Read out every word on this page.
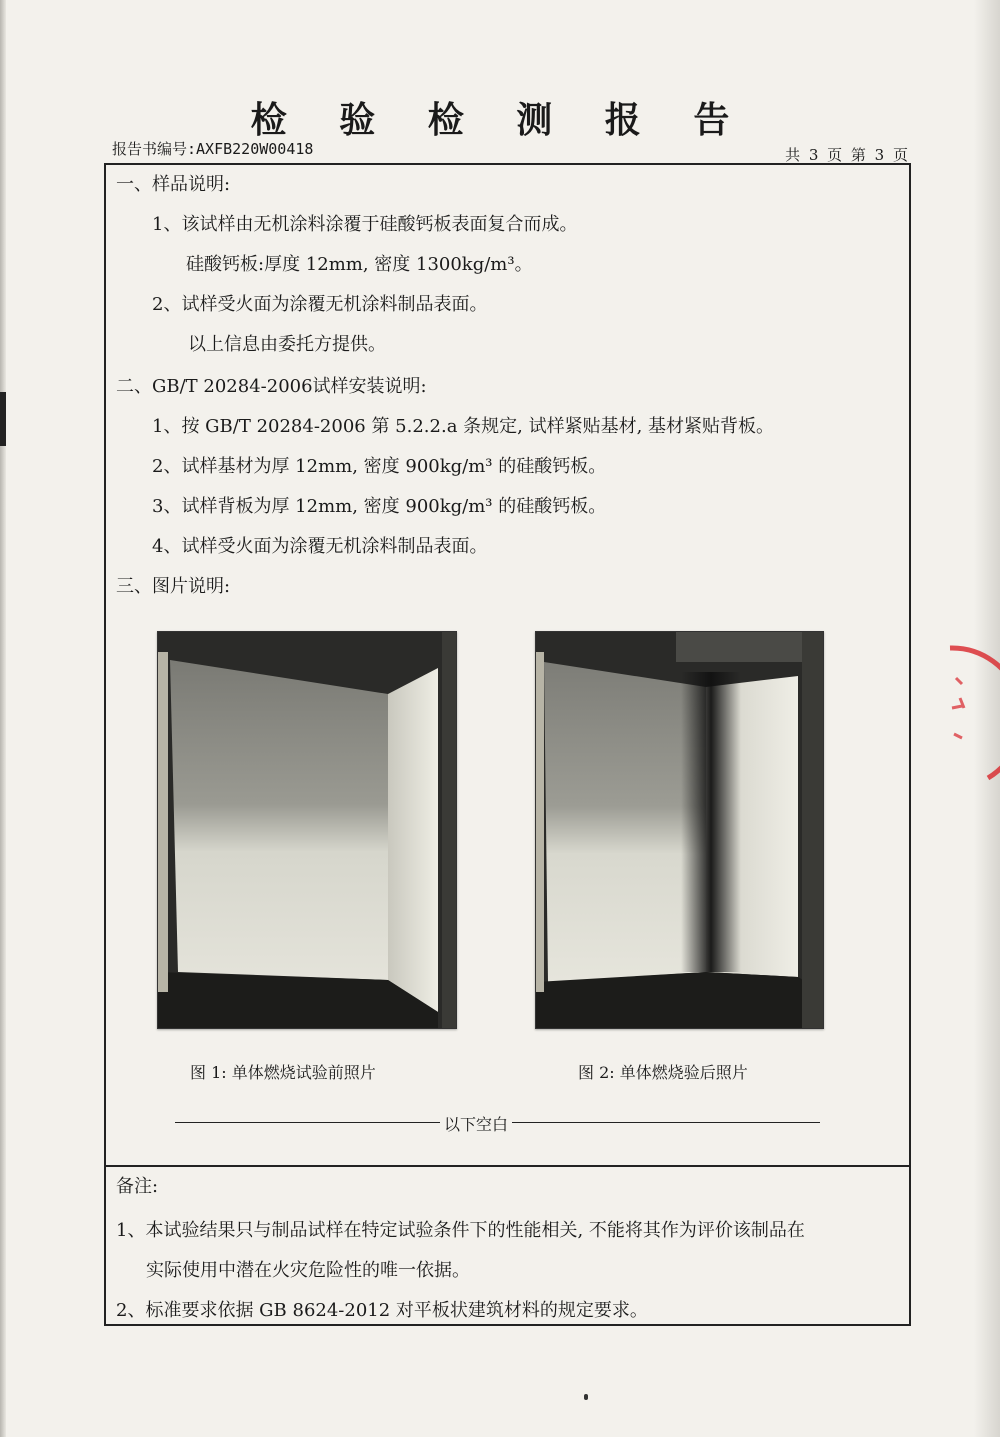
检 验 检 测 报 告
报告书编号:AXFB220W00418	共 3 页 第 3 页
一、样品说明:
1、该试样由无机涂料涂覆于硅酸钙板表面复合而成。
硅酸钙板:厚度 12mm, 密度 1300kg/m³。
2、试样受火面为涂覆无机涂料制品表面。
以上信息由委托方提供。
二、GB/T 20284-2006试样安装说明:
1、按 GB/T 20284-2006 第 5.2.2.a 条规定, 试样紧贴基材, 基材紧贴背板。
2、试样基材为厚 12mm, 密度 900kg/m³ 的硅酸钙板。
3、试样背板为厚 12mm, 密度 900kg/m³ 的硅酸钙板。
4、试样受火面为涂覆无机涂料制品表面。
三、图片说明:
图 1: 单体燃烧试验前照片	图 2: 单体燃烧验后照片
以下空白
备注:
1、本试验结果只与制品试样在特定试验条件下的性能相关, 不能将其作为评价该制品在
实际使用中潜在火灾危险性的唯一依据。
2、标准要求依据 GB 8624-2012 对平板状建筑材料的规定要求。
